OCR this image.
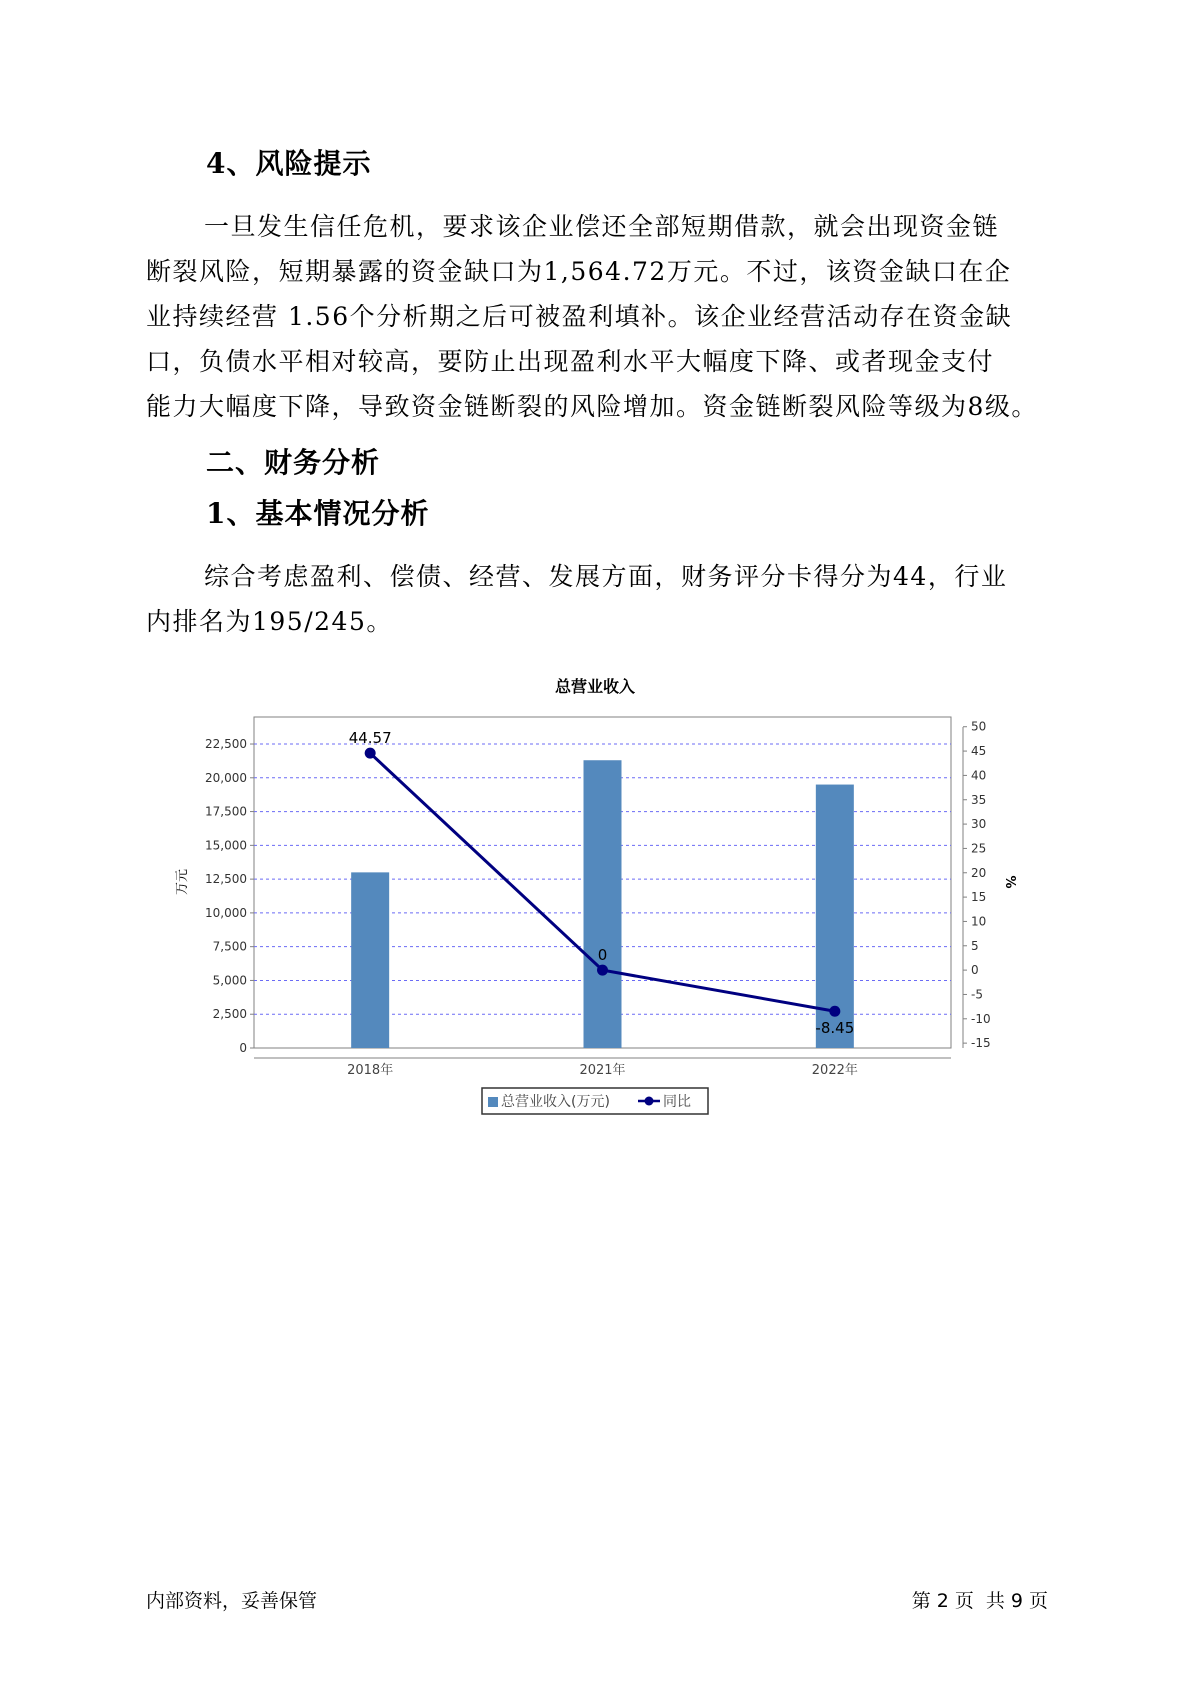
4、风险提示
一旦发生信任危机，要求该企业偿还全部短期借款，就会出现资金链
断裂风险，短期暴露的资金缺口为1,564.72万元。不过，该资金缺口在企
业持续经营 1.56个分析期之后可被盈利填补。该企业经营活动存在资金缺
口，负债水平相对较高，要防止出现盈利水平大幅度下降、或者现金支付
能力大幅度下降，导致资金链断裂的风险增加。资金链断裂风险等级为8级。
二、财务分析
1、基本情况分析
综合考虑盈利、偿债、经营、发展方面，财务评分卡得分为44，行业
内排名为195/245。
总营业收入
0
2,500
5,000
7,500
10,000
12,500
15,000
17,500
20,000
22,500
-15
-10
-5
0
5
10
15
20
25
30
35
40
45
50
万元	%
2018年	2021年	2022年
44.57
0
-8.45
总营业收入(万元)	同比
内部资料，妥善保管	第 2 页 共 9 页
